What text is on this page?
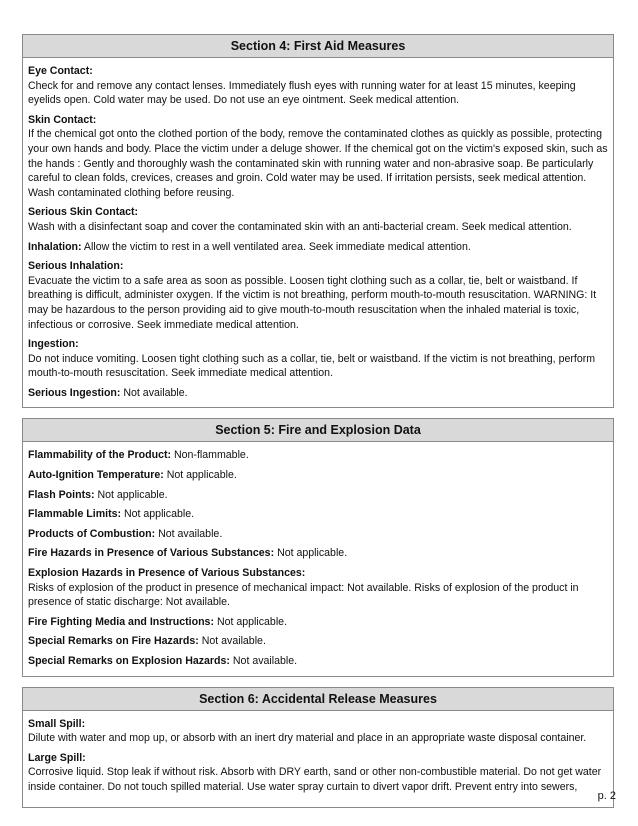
Section 4: First Aid Measures
Eye Contact:
Check for and remove any contact lenses. Immediately flush eyes with running water for at least 15 minutes, keeping eyelids open. Cold water may be used. Do not use an eye ointment. Seek medical attention.
Skin Contact:
If the chemical got onto the clothed portion of the body, remove the contaminated clothes as quickly as possible, protecting your own hands and body. Place the victim under a deluge shower. If the chemical got on the victim's exposed skin, such as the hands : Gently and thoroughly wash the contaminated skin with running water and non-abrasive soap. Be particularly careful to clean folds, crevices, creases and groin. Cold water may be used. If irritation persists, seek medical attention. Wash contaminated clothing before reusing.
Serious Skin Contact:
Wash with a disinfectant soap and cover the contaminated skin with an anti-bacterial cream. Seek medical attention.
Inhalation: Allow the victim to rest in a well ventilated area. Seek immediate medical attention.
Serious Inhalation:
Evacuate the victim to a safe area as soon as possible. Loosen tight clothing such as a collar, tie, belt or waistband. If breathing is difficult, administer oxygen. If the victim is not breathing, perform mouth-to-mouth resuscitation. WARNING: It may be hazardous to the person providing aid to give mouth-to-mouth resuscitation when the inhaled material is toxic, infectious or corrosive. Seek immediate medical attention.
Ingestion:
Do not induce vomiting. Loosen tight clothing such as a collar, tie, belt or waistband. If the victim is not breathing, perform mouth-to-mouth resuscitation. Seek immediate medical attention.
Serious Ingestion: Not available.
Section 5: Fire and Explosion Data
Flammability of the Product: Non-flammable.
Auto-Ignition Temperature: Not applicable.
Flash Points: Not applicable.
Flammable Limits: Not applicable.
Products of Combustion: Not available.
Fire Hazards in Presence of Various Substances: Not applicable.
Explosion Hazards in Presence of Various Substances:
Risks of explosion of the product in presence of mechanical impact: Not available. Risks of explosion of the product in presence of static discharge: Not available.
Fire Fighting Media and Instructions: Not applicable.
Special Remarks on Fire Hazards: Not available.
Special Remarks on Explosion Hazards: Not available.
Section 6: Accidental Release Measures
Small Spill:
Dilute with water and mop up, or absorb with an inert dry material and place in an appropriate waste disposal container.
Large Spill:
Corrosive liquid. Stop leak if without risk. Absorb with DRY earth, sand or other non-combustible material. Do not get water inside container. Do not touch spilled material. Use water spray curtain to divert vapor drift. Prevent entry into sewers,
p. 2
